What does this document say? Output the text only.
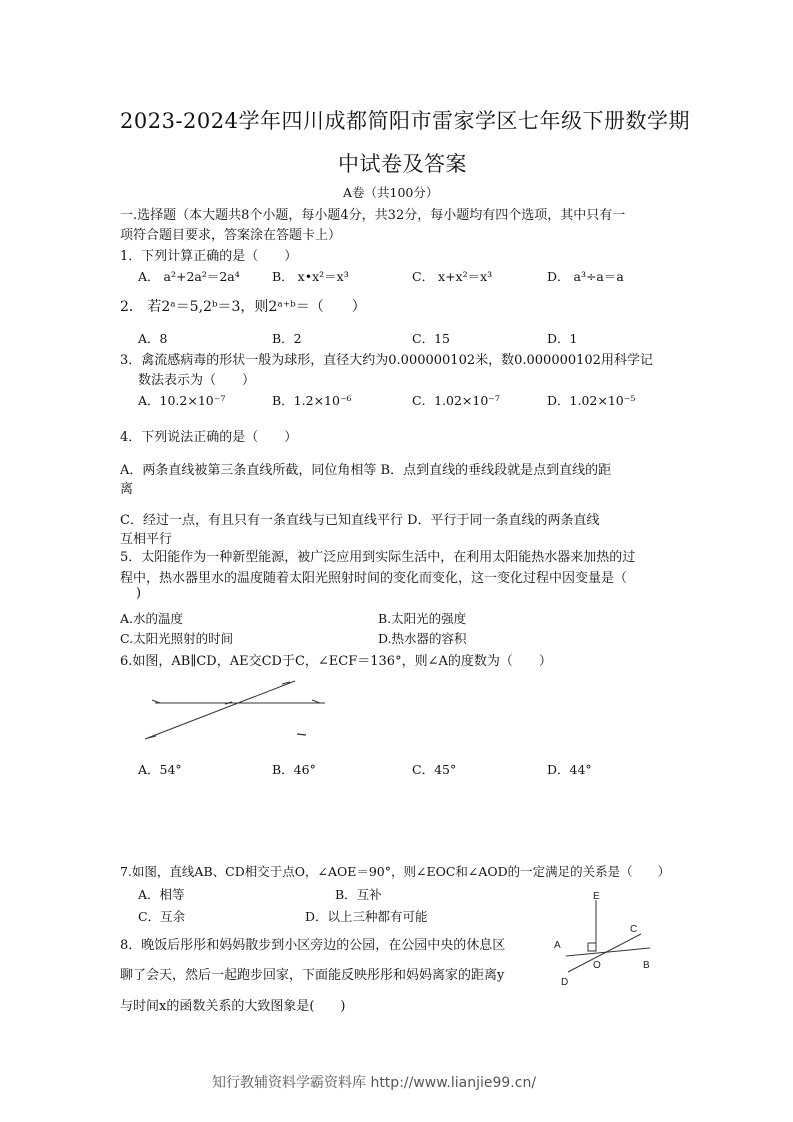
2023-2024学年四川成都简阳市雷家学区七年级下册数学期
中试卷及答案
A卷（共100分）
一.选择题（本大题共8个小题，每小题4分，共32分，每小题均有四个选项，其中只有一
项符合题目要求，答案涂在答题卡上）
1．下列计算正确的是（　　）
A． a²+2a²＝2a⁴	B． x•x²＝x³	C． x+x²＝x³	D． a³÷a＝a
2． 若2ᵃ＝5,2ᵇ＝3，则2ᵃ⁺ᵇ＝（　　）
A．8	B．2	C．15	D．1
3．禽流感病毒的形状一般为球形，直径大约为0.000000102米，数0.000000102用科学记
数法表示为（　　）
A．10.2×10⁻⁷	B．1.2×10⁻⁶	C．1.02×10⁻⁷	D．1.02×10⁻⁵
4．下列说法正确的是（　　）
A．两条直线被第三条直线所截，同位角相等 B．点到直线的垂线段就是点到直线的距
离
C．经过一点，有且只有一条直线与已知直线平行 D．平行于同一条直线的两条直线
互相平行
5．太阳能作为一种新型能源，被广泛应用到实际生活中，在利用太阳能热水器来加热的过
程中，热水器里水的温度随着太阳光照射时间的变化而变化，这一变化过程中因变量是（
)
A.水的温度	B.太阳光的强度
C.太阳光照射的时间	D.热水器的容积
6.如图，AB∥CD，AE交CD于C，∠ECF＝136°，则∠A的度数为（　　）
A．54°	B．46°	C．45°	D．44°
7.如图，直线AB、CD相交于点O，∠AOE＝90°，则∠EOC和∠AOD的一定满足的关系是（　　）
A．相等	B．互补
C．互余	D．以上三种都有可能
E
C
A
O	B
D
8．晚饭后彤彤和妈妈散步到小区旁边的公园，在公园中央的休息区
聊了会天，然后一起跑步回家，下面能反映彤彤和妈妈离家的距离y
与时间x的函数关系的大致图象是(　　)
知行教辅资料学霸资料库 http://www.lianjie99.cn/
